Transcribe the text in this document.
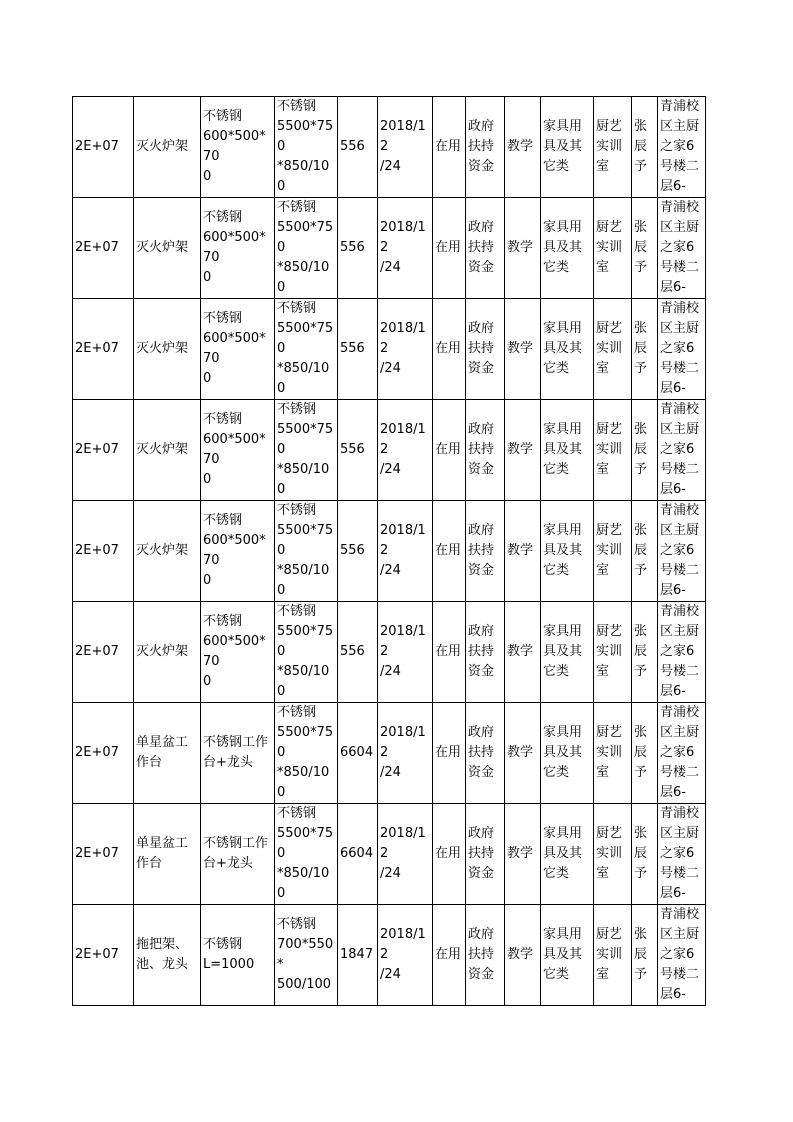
2E+07	灭火炉架	不锈钢
600*500*70
0	不锈钢
5500*750
*850/100	556	2018/12
/24	在用	政府
扶持
资金	教学	家具用
具及其
它类	厨艺
实训
室	张
辰
予	青浦校
区主厨
之家6
号楼二
层6-
2E+07	灭火炉架	不锈钢
600*500*70
0	不锈钢
5500*750
*850/100	556	2018/12
/24	在用	政府
扶持
资金	教学	家具用
具及其
它类	厨艺
实训
室	张
辰
予	青浦校
区主厨
之家6
号楼二
层6-
2E+07	灭火炉架	不锈钢
600*500*70
0	不锈钢
5500*750
*850/100	556	2018/12
/24	在用	政府
扶持
资金	教学	家具用
具及其
它类	厨艺
实训
室	张
辰
予	青浦校
区主厨
之家6
号楼二
层6-
2E+07	灭火炉架	不锈钢
600*500*70
0	不锈钢
5500*750
*850/100	556	2018/12
/24	在用	政府
扶持
资金	教学	家具用
具及其
它类	厨艺
实训
室	张
辰
予	青浦校
区主厨
之家6
号楼二
层6-
2E+07	灭火炉架	不锈钢
600*500*70
0	不锈钢
5500*750
*850/100	556	2018/12
/24	在用	政府
扶持
资金	教学	家具用
具及其
它类	厨艺
实训
室	张
辰
予	青浦校
区主厨
之家6
号楼二
层6-
2E+07	灭火炉架	不锈钢
600*500*70
0	不锈钢
5500*750
*850/100	556	2018/12
/24	在用	政府
扶持
资金	教学	家具用
具及其
它类	厨艺
实训
室	张
辰
予	青浦校
区主厨
之家6
号楼二
层6-
2E+07	单星盆工
作台	不锈钢工作
台+龙头	不锈钢
5500*750
*850/100	6604	2018/12
/24	在用	政府
扶持
资金	教学	家具用
具及其
它类	厨艺
实训
室	张
辰
予	青浦校
区主厨
之家6
号楼二
层6-
2E+07	单星盆工
作台	不锈钢工作
台+龙头	不锈钢
5500*750
*850/100	6604	2018/12
/24	在用	政府
扶持
资金	教学	家具用
具及其
它类	厨艺
实训
室	张
辰
予	青浦校
区主厨
之家6
号楼二
层6-
2E+07	拖把架、
池、龙头	不锈钢
L=1000	不锈钢
700*550*
500/100	1847	2018/12
/24	在用	政府
扶持
资金	教学	家具用
具及其
它类	厨艺
实训
室	张
辰
予	青浦校
区主厨
之家6
号楼二
层6-
